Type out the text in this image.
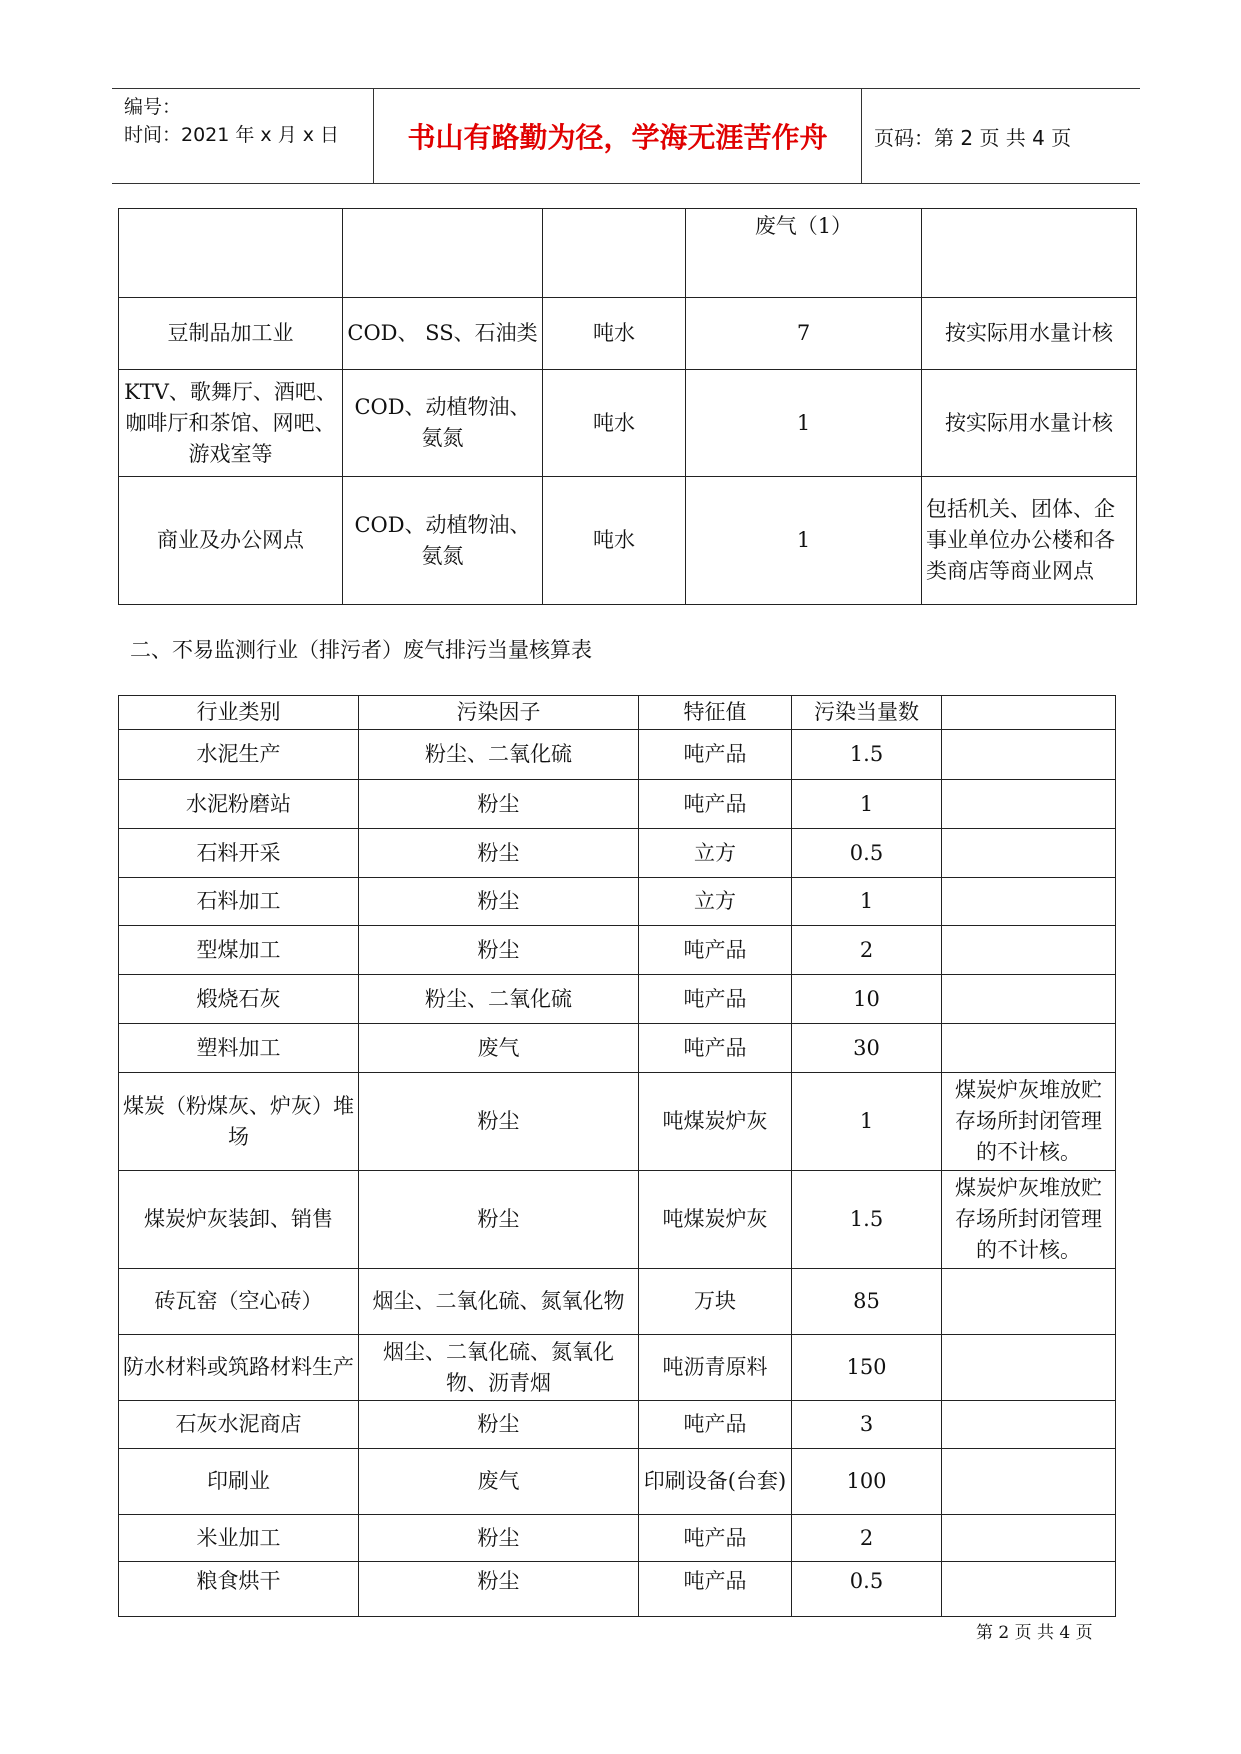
编号：
时间：2021 年 x 月 x 日	书山有路勤为径，学海无涯苦作舟	页码：第 2 页 共 4 页
			废气（1）	
豆制品加工业	COD、 SS、石油类	吨水	7	按实际用水量计核
KTV、歌舞厅、酒吧、咖啡厅和茶馆、网吧、游戏室等	COD、动植物油、氨氮	吨水	1	按实际用水量计核
商业及办公网点	COD、动植物油、氨氮	吨水	1	包括机关、团体、企事业单位办公楼和各类商店等商业网点
二、不易监测行业（排污者）废气排污当量核算表
行业类别	污染因子	特征值	污染当量数	
水泥生产	粉尘、二氧化硫	吨产品	1.5	
水泥粉磨站	粉尘	吨产品	1	
石料开采	粉尘	立方	0.5	
石料加工	粉尘	立方	1	
型煤加工	粉尘	吨产品	2	
煅烧石灰	粉尘、二氧化硫	吨产品	10	
塑料加工	废气	吨产品	30	
煤炭（粉煤灰、炉灰）堆场	粉尘	吨煤炭炉灰	1	煤炭炉灰堆放贮存场所封闭管理的不计核。
煤炭炉灰装卸、销售	粉尘	吨煤炭炉灰	1.5	煤炭炉灰堆放贮存场所封闭管理的不计核。
砖瓦窑（空心砖）	烟尘、二氧化硫、氮氧化物	万块	85	
防水材料或筑路材料生产	烟尘、二氧化硫、氮氧化物、沥青烟	吨沥青原料	150	
石灰水泥商店	粉尘	吨产品	3	
印刷业	废气	印刷设备(台套)	100	
米业加工	粉尘	吨产品	2	
粮食烘干	粉尘	吨产品	0.5	
第 2 页 共 4 页
